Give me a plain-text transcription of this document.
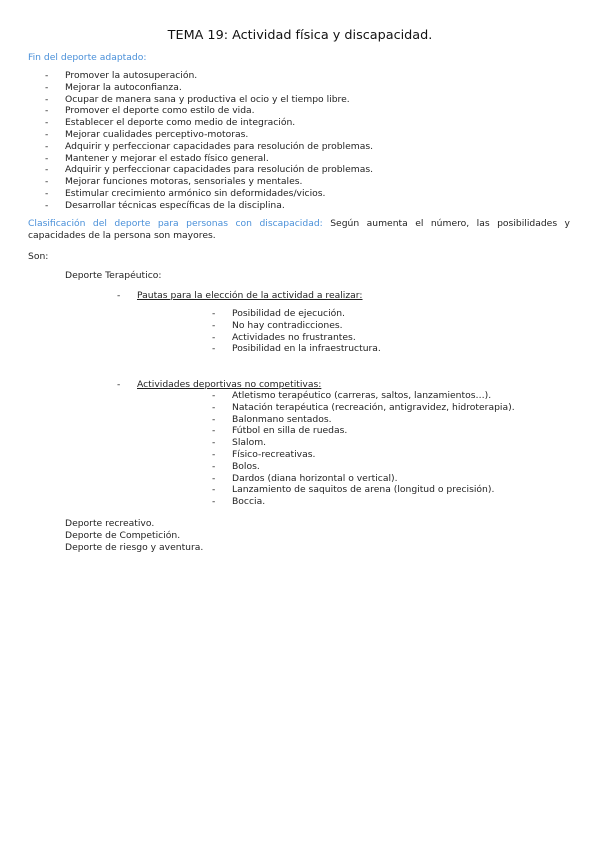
TEMA 19: Actividad física y discapacidad.
Fin del deporte adaptado:
- Promover la autosuperación.
- Mejorar la autoconfianza.
- Ocupar de manera sana y productiva el ocio y el tiempo libre.
- Promover el deporte como estilo de vida.
- Establecer el deporte como medio de integración.
- Mejorar cualidades perceptivo-motoras.
- Adquirir y perfeccionar capacidades para resolución de problemas.
- Mantener y mejorar el estado físico general.
- Adquirir y perfeccionar capacidades para resolución de problemas.
- Mejorar funciones motoras, sensoriales y mentales.
- Estimular crecimiento armónico sin deformidades/vicios.
- Desarrollar técnicas específicas de la disciplina.
Clasificación del deporte para personas con discapacidad: Según aumenta el número, las posibilidades y capacidades de la persona son mayores.
Son:
Deporte Terapéutico:
- Pautas para la elección de la actividad a realizar:
- Posibilidad de ejecución.
- No hay contradicciones.
- Actividades no frustrantes.
- Posibilidad en la infraestructura.
- Actividades deportivas no competitivas:
- Atletismo terapéutico (carreras, saltos, lanzamientos…).
- Natación terapéutica (recreación, antigravidez, hidroterapia).
- Balonmano sentados.
- Fútbol en silla de ruedas.
- Slalom.
- Físico-recreativas.
- Bolos.
- Dardos (diana horizontal o vertical).
- Lanzamiento de saquitos de arena (longitud o precisión).
- Boccia.
Deporte recreativo.
Deporte de Competición.
Deporte de riesgo y aventura.
